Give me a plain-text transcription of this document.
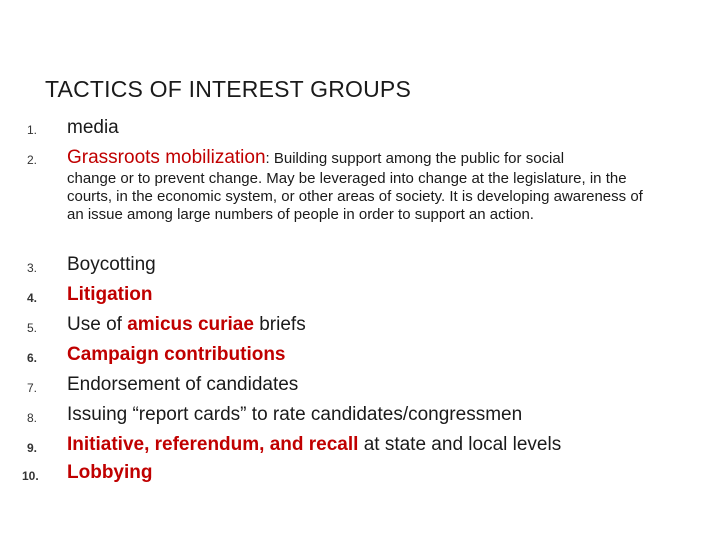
TACTICS OF INTEREST GROUPS
1.	media
2.	Grassroots mobilization: Building support among the public for social
change or to prevent change. May be leveraged into change at the legislature, in the courts, in the economic system, or other areas of society. It is developing awareness of an issue among large numbers of people in order to support an action.
3.	Boycotting
4.	Litigation
5.	Use of amicus curiae briefs
6.	Campaign contributions
7.	Endorsement of candidates
8.	Issuing “report cards” to rate candidates/congressmen
9.	Initiative, referendum, and recall at state and local levels
10.	Lobbying
